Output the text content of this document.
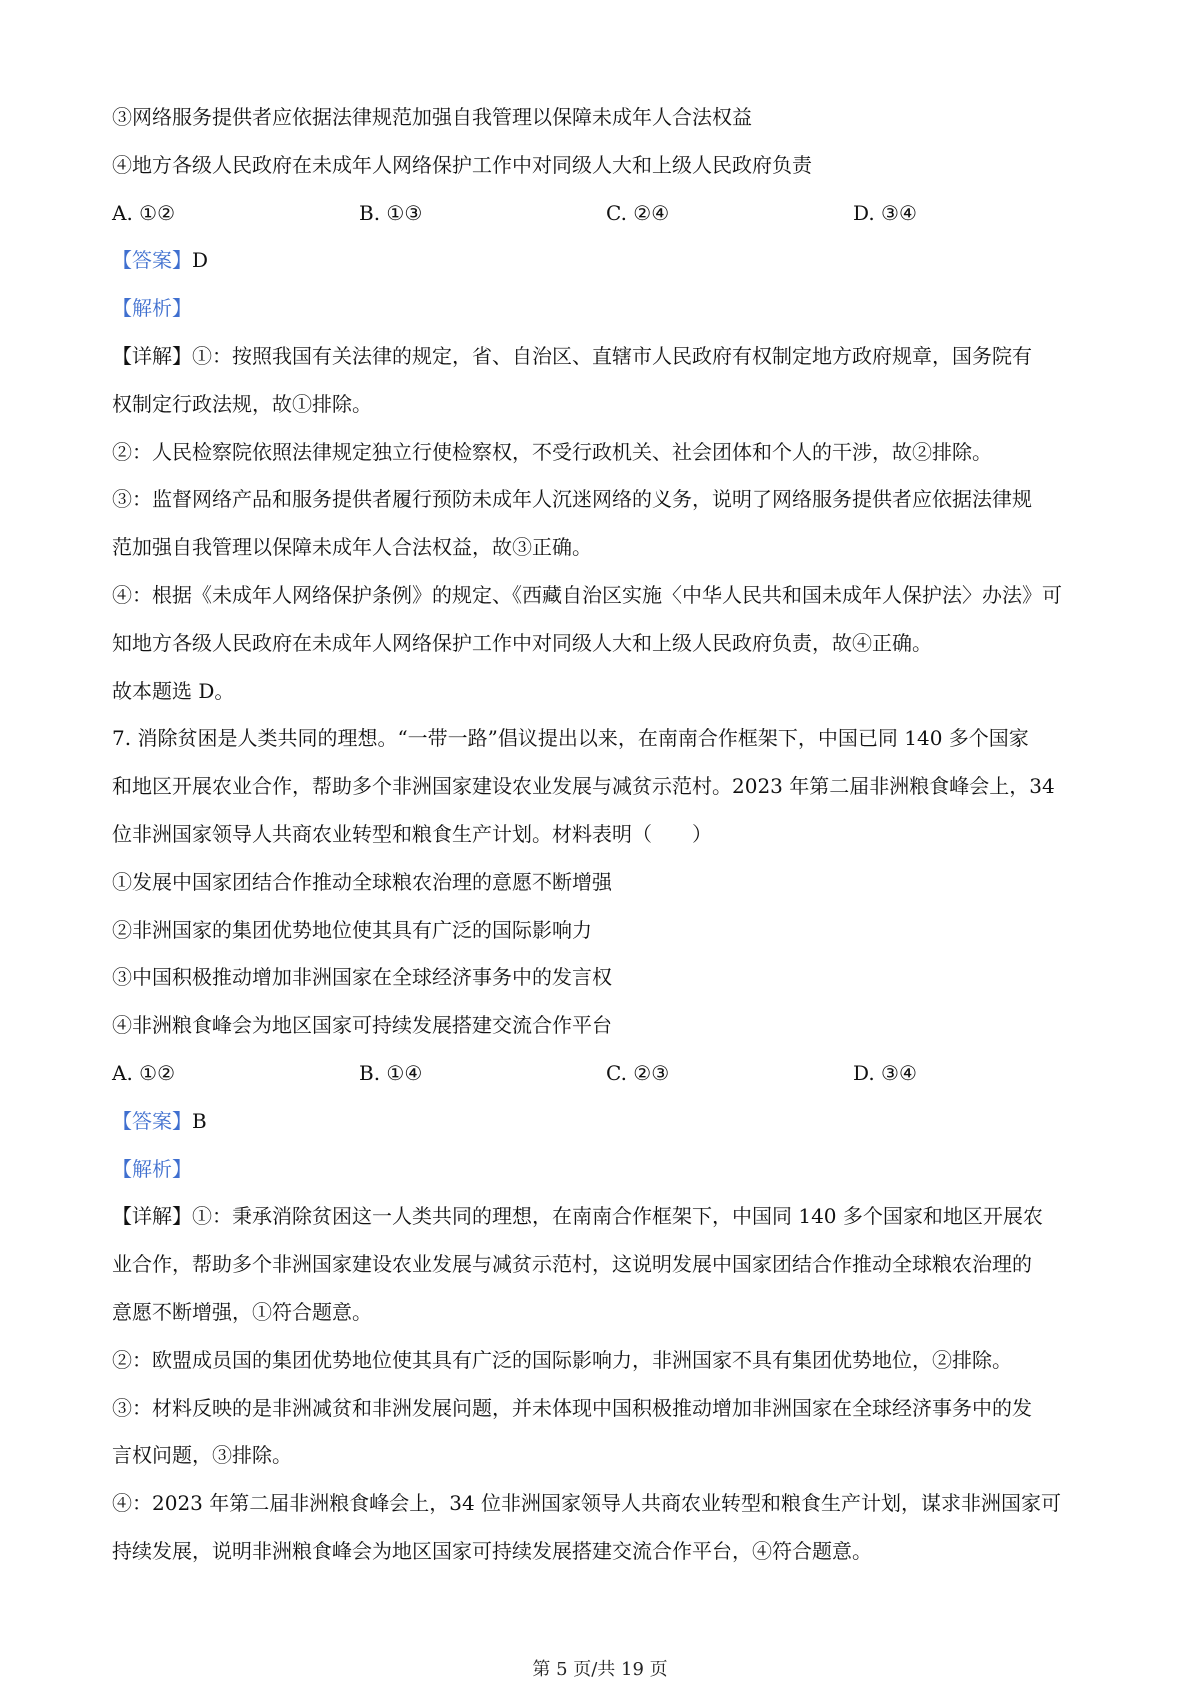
③网络服务提供者应依据法律规范加强自我管理以保障未成年人合法权益
④地方各级人民政府在未成年人网络保护工作中对同级人大和上级人民政府负责
A. ①②	B. ①③	C. ②④	D. ③④
【答案】D
【解析】
【详解】①：按照我国有关法律的规定，省、自治区、直辖市人民政府有权制定地方政府规章，国务院有
权制定行政法规，故①排除。
②：人民检察院依照法律规定独立行使检察权，不受行政机关、社会团体和个人的干涉，故②排除。
③：监督网络产品和服务提供者履行预防未成年人沉迷网络的义务，说明了网络服务提供者应依据法律规
范加强自我管理以保障未成年人合法权益，故③正确。
④：根据《未成年人网络保护条例》的规定、《西藏自治区实施〈中华人民共和国未成年人保护法〉办法》可
知地方各级人民政府在未成年人网络保护工作中对同级人大和上级人民政府负责，故④正确。
故本题选 D。
7. 消除贫困是人类共同的理想。“一带一路”倡议提出以来，在南南合作框架下，中国已同 140 多个国家
和地区开展农业合作，帮助多个非洲国家建设农业发展与减贫示范村。2023 年第二届非洲粮食峰会上，34
位非洲国家领导人共商农业转型和粮食生产计划。材料表明（　　）
①发展中国家团结合作推动全球粮农治理的意愿不断增强
②非洲国家的集团优势地位使其具有广泛的国际影响力
③中国积极推动增加非洲国家在全球经济事务中的发言权
④非洲粮食峰会为地区国家可持续发展搭建交流合作平台
A. ①②	B. ①④	C. ②③	D. ③④
【答案】B
【解析】
【详解】①：秉承消除贫困这一人类共同的理想，在南南合作框架下，中国同 140 多个国家和地区开展农
业合作，帮助多个非洲国家建设农业发展与减贫示范村，这说明发展中国家团结合作推动全球粮农治理的
意愿不断增强，①符合题意。
②：欧盟成员国的集团优势地位使其具有广泛的国际影响力，非洲国家不具有集团优势地位，②排除。
③：材料反映的是非洲减贫和非洲发展问题，并未体现中国积极推动增加非洲国家在全球经济事务中的发
言权问题，③排除。
④：2023 年第二届非洲粮食峰会上，34 位非洲国家领导人共商农业转型和粮食生产计划，谋求非洲国家可
持续发展，说明非洲粮食峰会为地区国家可持续发展搭建交流合作平台，④符合题意。
第 5 页/共 19 页
